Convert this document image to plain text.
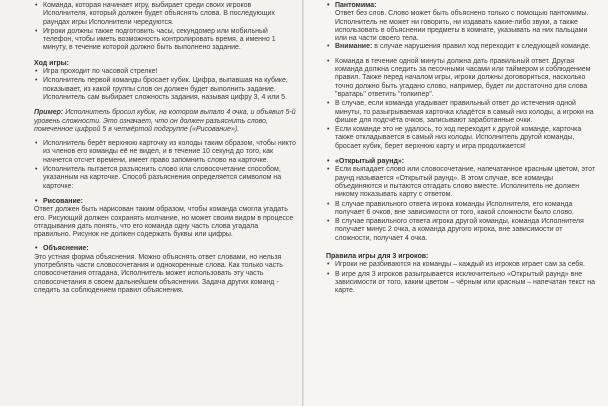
• Команда, которая начинает игру, выбирает среди своих игроков Исполнителя, который должен будет объяснять слова. В последующих раундах игры Исполнители чередуются.
• Игроки должны также подготовить часы, секундомер или мобильный телефон, чтобы иметь возможность контролировать время, а именно 1 минуту, в течение которой должно быть выполнено задание.

Ход игры:

• Игра проходит по часовой стрелке!
• Исполнитель первой команды бросает кубик. Цифра, выпавшая на кубике, показывает, из какой группы слов он должен будет выполнить задание. Исполнитель сам выбирает сложность задания, называя цифру 3, 4 или 5.

Пример: Исполнитель бросил кубик, на котором выпало 4 очка, и объявил 5-й уровень сложности. Это означает, что он должен разъяснить слово, помеченное цифрой 5 в четвёртой подгруппе («Рисование»).

• Исполнитель берёт верхнюю карточку из колоды таким образом, чтобы никто из членов его команды её не видел, и в течение 10 секунд до того, как начнется отсчет времени, имеет право запомнить слово на карточке.
• Исполнитель пытается разъяснить слово или словосочетание способом, указанным на карточке. Способ разъяснения определяется символом на карточке:
• Рисование:

Ответ должен быть нарисован таким образом, чтобы команда смогла угадать его. Рисующий должен сохранять молчание, но может своим видом в процессе отгадывания дать понять, что его команда одну часть слова угадала правильно. Рисунок не должен содержать буквы или цифры.

• Объяснение:

Это устная форма объяснения. Можно объяснять ответ словами, но нельзя употреблять части словосочетания и однокоренные слова. Как только часть словосочетания отгадана, Исполнитель может использовать эту часть словосочетания в своем дальнейшем объяснении. Задача других команд - следить за соблюдением правил объяснения.

• Пантомима:

Ответ без слов. Слово может быть объяснено только с помощью пантомимы. Исполнитель не может ни говорить, ни издавать какие-либо звуки, а также использовать в объяснении предметы в комнате, указывать на них пальцами или на части своего тела.

• Внимание: в случае нарушения правил ход переходит к следующей команде.
• Команда в течение одной минуты должна дать правильный ответ. Другая команда должна следить за песочными часами или таймером и соблюдением правил. Также перед началом игры, игроки должны договориться, насколько точно должно быть угадано слово, например, будет ли достаточно для слова "вратарь" ответить "голкипер".
• В случае, если команда угадывает правильный ответ до истечения одной минуты, то разыгрываемая карточка кладётся в самый низ колоды, а игроки на фишке для подсчёта очков, записывают заработанные очки.
• Если команде это не удалось, то ход переходит к другой команде, карточка также откладывается в самый низ колоды. Исполнитель другой команды, бросает кубик, берет верхнюю карту и игра продолжается!
• «Открытый раунд»:
• Если выпадает слово или словосочетание, напечатанное красным цветом, этот раунд называется «Открытый раунд». В этом случае, все команды объединяются и пытаются отгадать слово вместе. Исполнитель не должен никому показывать карту с ответом.
• В случае правильного ответа игрока команды Исполнителя, его команда получает 6 очков, вне зависимости от того, какой сложности было слово.
• В случае правильного ответа игрока другой команды, команда Исполнителя получает минус 2 очка, а команда другого игрока, вне зависимости от сложности, получает 4 очка.

Правила игры для 3 игроков:

• Игроки не разбиваются на команды – каждый из игроков играет сам за себя.
• В игре для 3 игроков разыгрывается исключительно «Открытый раунд» вне зависимости от того, каким цветом – чёрным или красным – напечатан текст на карте.
